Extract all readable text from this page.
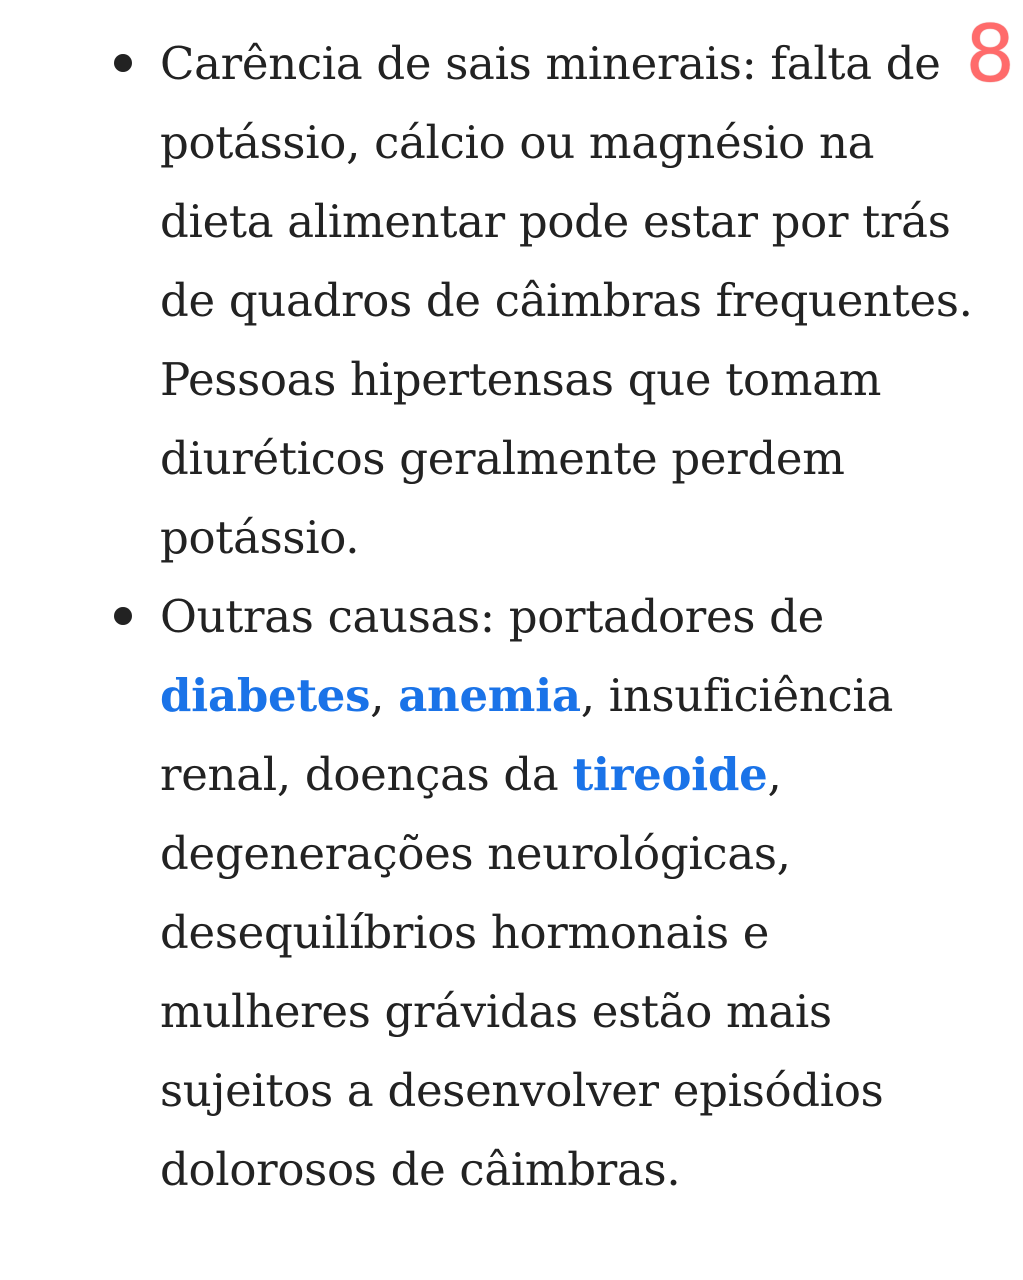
8
Carência de sais minerais: falta de
potássio, cálcio ou magnésio na
dieta alimentar pode estar por trás
de quadros de câimbras frequentes.
Pessoas hipertensas que tomam
diuréticos geralmente perdem
potássio.
Outras causas: portadores de
diabetes, anemia, insuficiência
renal, doenças da tireoide,
degenerações neurológicas,
desequilíbrios hormonais e
mulheres grávidas estão mais
sujeitos a desenvolver episódios
dolorosos de câimbras.
